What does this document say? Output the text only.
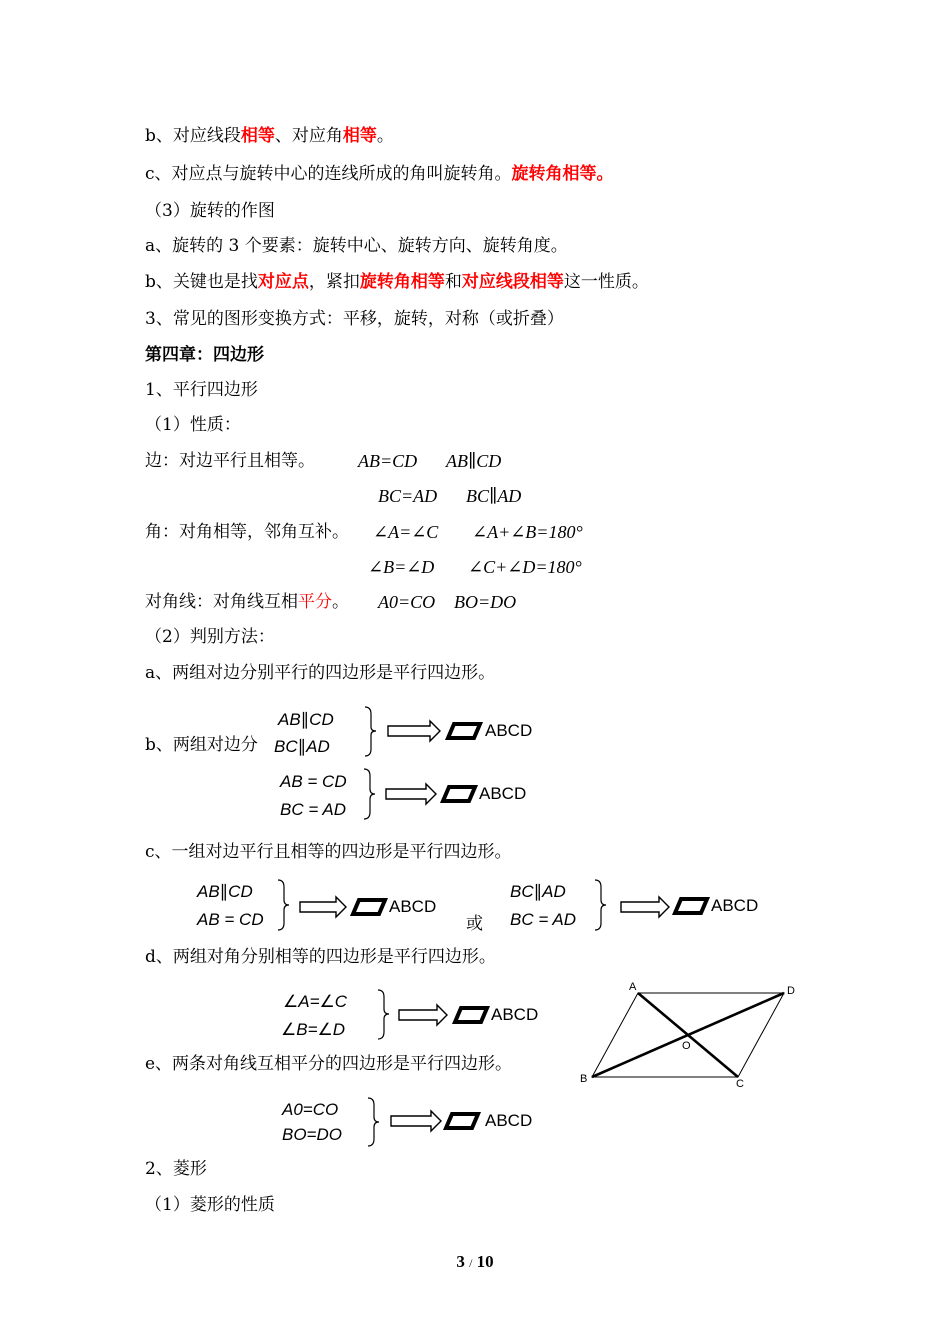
b、对应线段相等、对应角相等。
c、对应点与旋转中心的连线所成的角叫旋转角。旋转角相等。
（3）旋转的作图
a、旋转的 3 个要素：旋转中心、旋转方向、旋转角度。
b、关键也是找对应点，紧扣旋转角相等和对应线段相等这一性质。
3、常见的图形变换方式：平移，旋转，对称（或折叠）
第四章：四边形
1、平行四边形
（1）性质：
边：对边平行且相等。 AB=CD AB∥CD
BC=AD BC∥AD
角：对角相等，邻角互补。 ∠A=∠C ∠A+∠B=180°
∠B=∠D ∠C+∠D=180°
对角线：对角线互相平分。 A0=CO BO=DO
（2）判别方法：
a、两组对边分别平行的四边形是平行四边形。
b、两组对边分
AB∥CD
BC∥AD
ABCD
AB = CD
BC = AD
ABCD
c、一组对边平行且相等的四边形是平行四边形。
AB∥CD
AB = CD
ABCD
或
BC∥AD
BC = AD
ABCD
d、两组对角分别相等的四边形是平行四边形。
∠A=∠C
∠B=∠D
ABCD
e、两条对角线互相平分的四边形是平行四边形。
A0=CO
BO=DO
ABCD
A	D
B	C
O
2、菱形
（1）菱形的性质
3 / 10
